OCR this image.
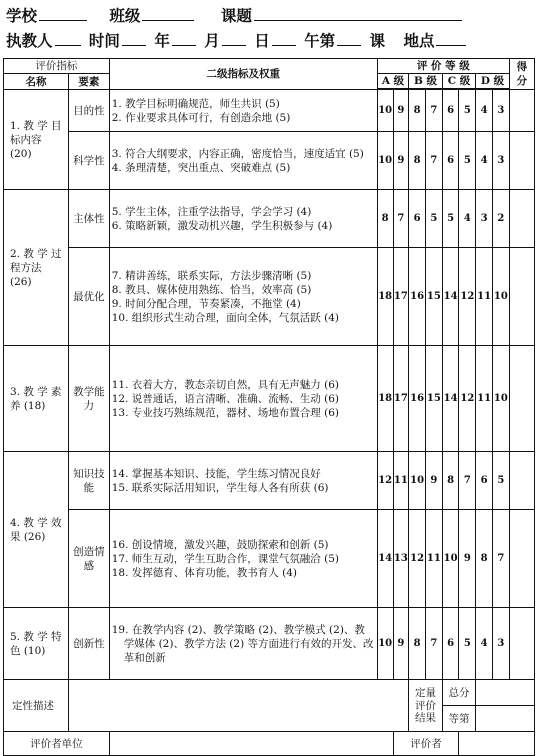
学校	班级	课题
执教人 时间 年 月 日 午第 课 地点
评价指标		二级指标及权重	评 价 等 级								得分
名称	要素		A 级		B 级		C 级		D 级		

1. 教 学 目标内容 (20)	目的性	1. 教学目标明确规范，师生共识 (5)
2. 作业要求具体可行，有创造余地 (5)	10	9	8	7	6	5	4	3	
	科学性	3. 符合大纲要求，内容正确，密度恰当，速度适宜 (5)
4. 条理清楚，突出重点、突破难点 (5)	10	9	8	7	6	5	4	3	
2. 教 学 过程方法 (26)	主体性	5. 学生主体，注重学法指导，学会学习 (4)
6. 策略新颖，激发动机兴趣，学生积极参与 (4)	8	7	6	5	5	4	3	2	
	最优化	7. 精讲善练，联系实际，方法步骤清晰 (5)
8. 教具、媒体使用熟练、恰当，效率高 (5)
9. 时间分配合理，节奏紧凑，不拖堂 (4)
10. 组织形式生动合理，面向全体，气氛活跃 (4)	18	17	16	15	14	12	11	10	
3. 教 学 素养 (18)	教学能力	11. 衣着大方，教态亲切自然，具有无声魅力 (6)
12. 说普通话，语言清晰、准确、流畅、生动 (6)
13. 专业技巧熟练规范，器材、场地布置合理 (6)	18	17	16	15	14	12	11	10	
4. 教 学 效果 (26)	知识技能	14. 掌握基本知识、技能，学生练习情况良好
15. 联系实际活用知识，学生每人各有所获 (6)	12	11	10	9	8	7	6	5	
	创造情感	16. 创设情境，激发兴趣，鼓励探索和创新 (5)
17. 师生互动，学生互助合作，课堂气氛融洽 (5)
18. 发挥德育、体育功能，教书育人 (4)	14	13	12	11	10	9	8	7	
5. 教 学 特色 (10)	创新性	19. 在教学内容 (2)、教学策略 (2)、教学模式 (2)、教学媒体 (2)、教学方法 (2) 等方面进行有效的开发、改革和创新	10	9	8	7	6	5	4	3	
定性描述					定量评价结果		总分				
							等第				
评价者单位				评价者							
